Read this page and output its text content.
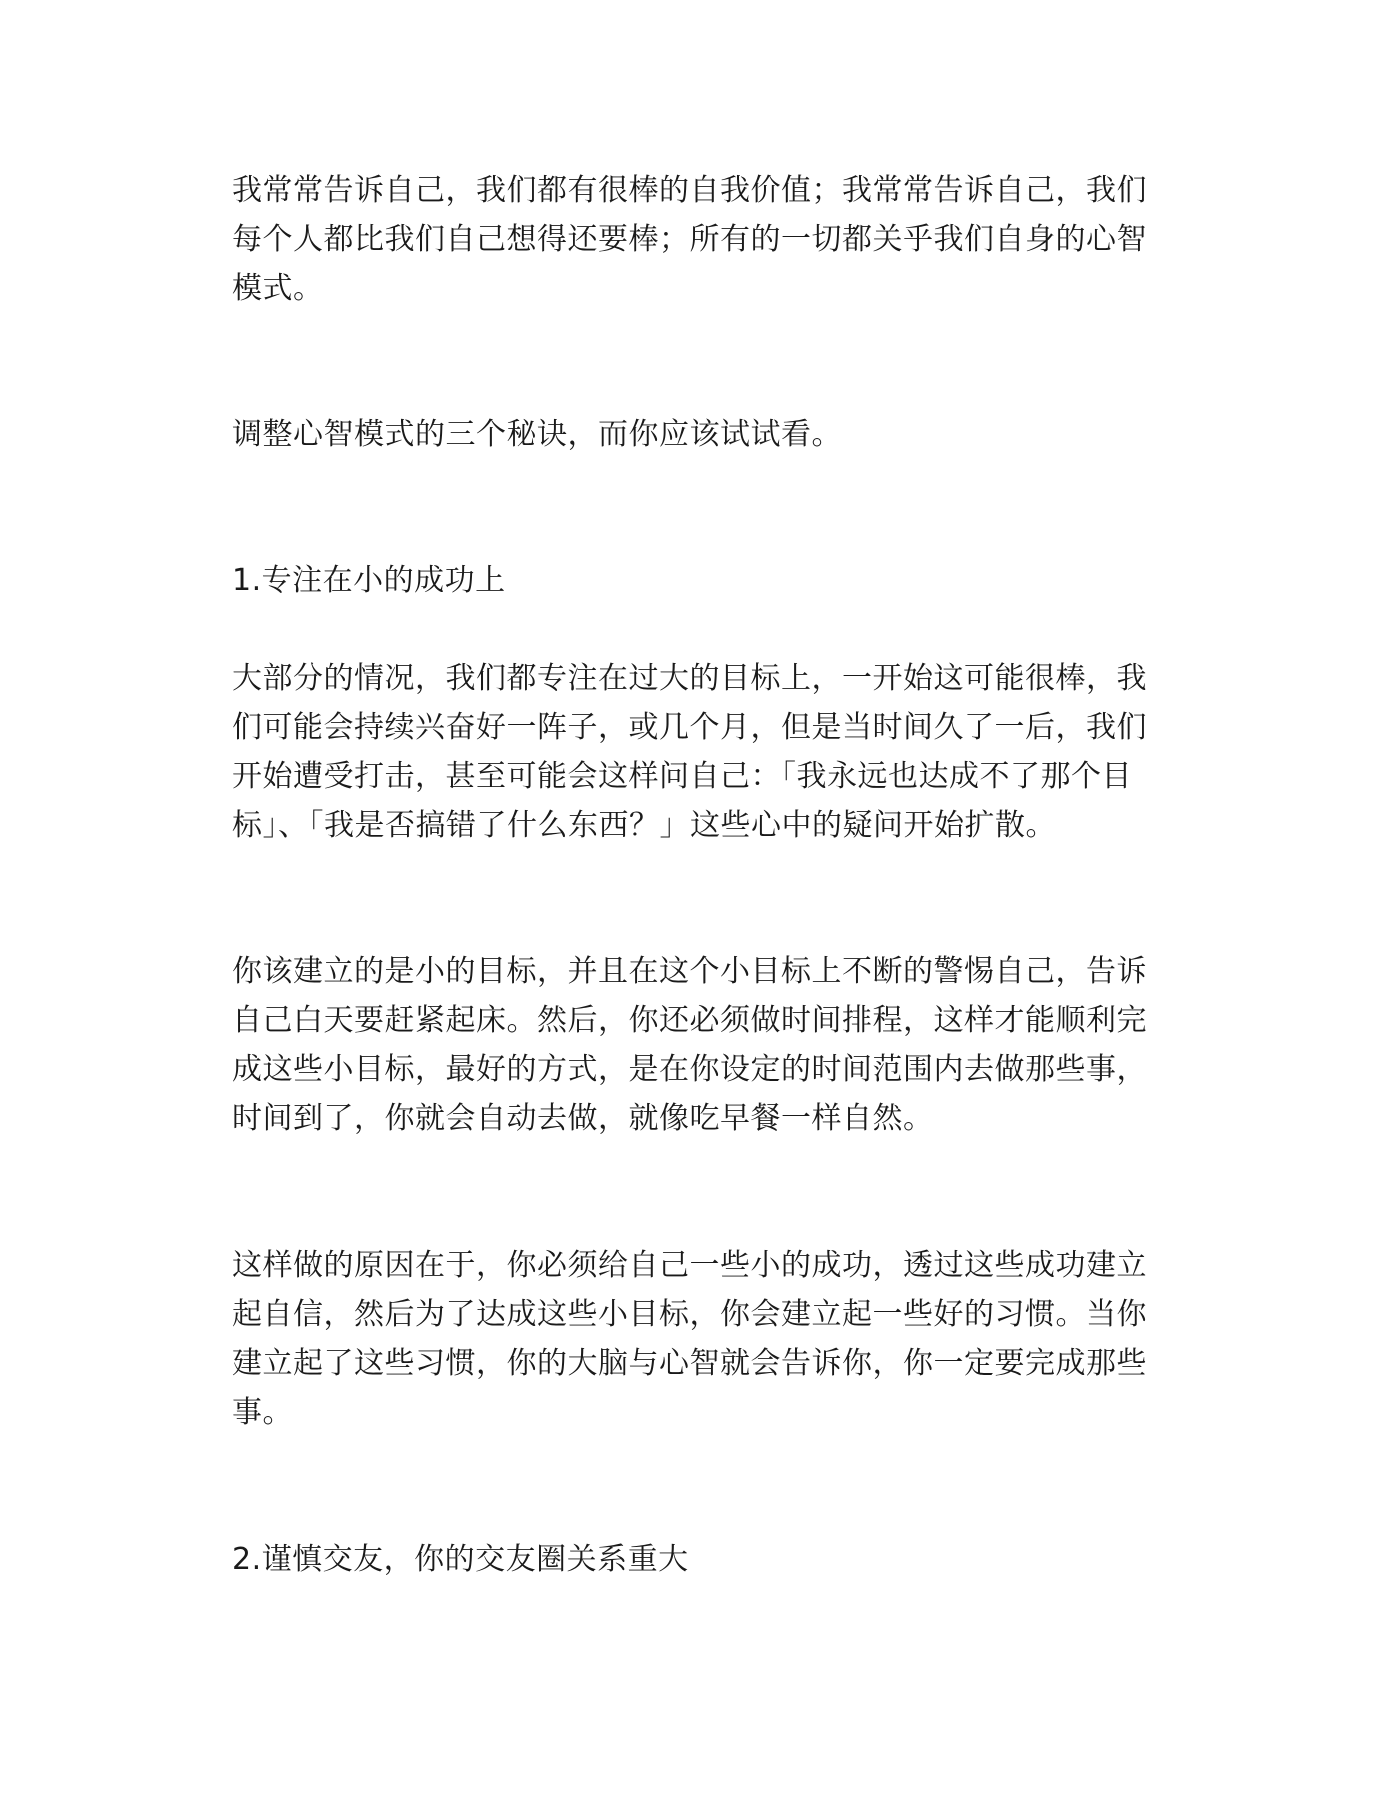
我常常告诉自己，我们都有很棒的自我价值；我常常告诉自己，我们每个人都比我们自己想得还要棒；所有的一切都关乎我们自身的心智模式。

调整心智模式的三个秘诀，而你应该试试看。

1.专注在小的成功上

大部分的情况，我们都专注在过大的目标上，一开始这可能很棒，我们可能会持续兴奋好一阵子，或几个月，但是当时间久了一后，我们开始遭受打击，甚至可能会这样问自己：「我永远也达成不了那个目标」、「我是否搞错了什么东西？」这些心中的疑问开始扩散。

你该建立的是小的目标，并且在这个小目标上不断的警惕自己，告诉自己白天要赶紧起床。然后，你还必须做时间排程，这样才能顺利完成这些小目标，最好的方式，是在你设定的时间范围内去做那些事，时间到了，你就会自动去做，就像吃早餐一样自然。

这样做的原因在于，你必须给自己一些小的成功，透过这些成功建立起自信，然后为了达成这些小目标，你会建立起一些好的习惯。当你建立起了这些习惯，你的大脑与心智就会告诉你，你一定要完成那些事。

2.谨慎交友，你的交友圈关系重大
